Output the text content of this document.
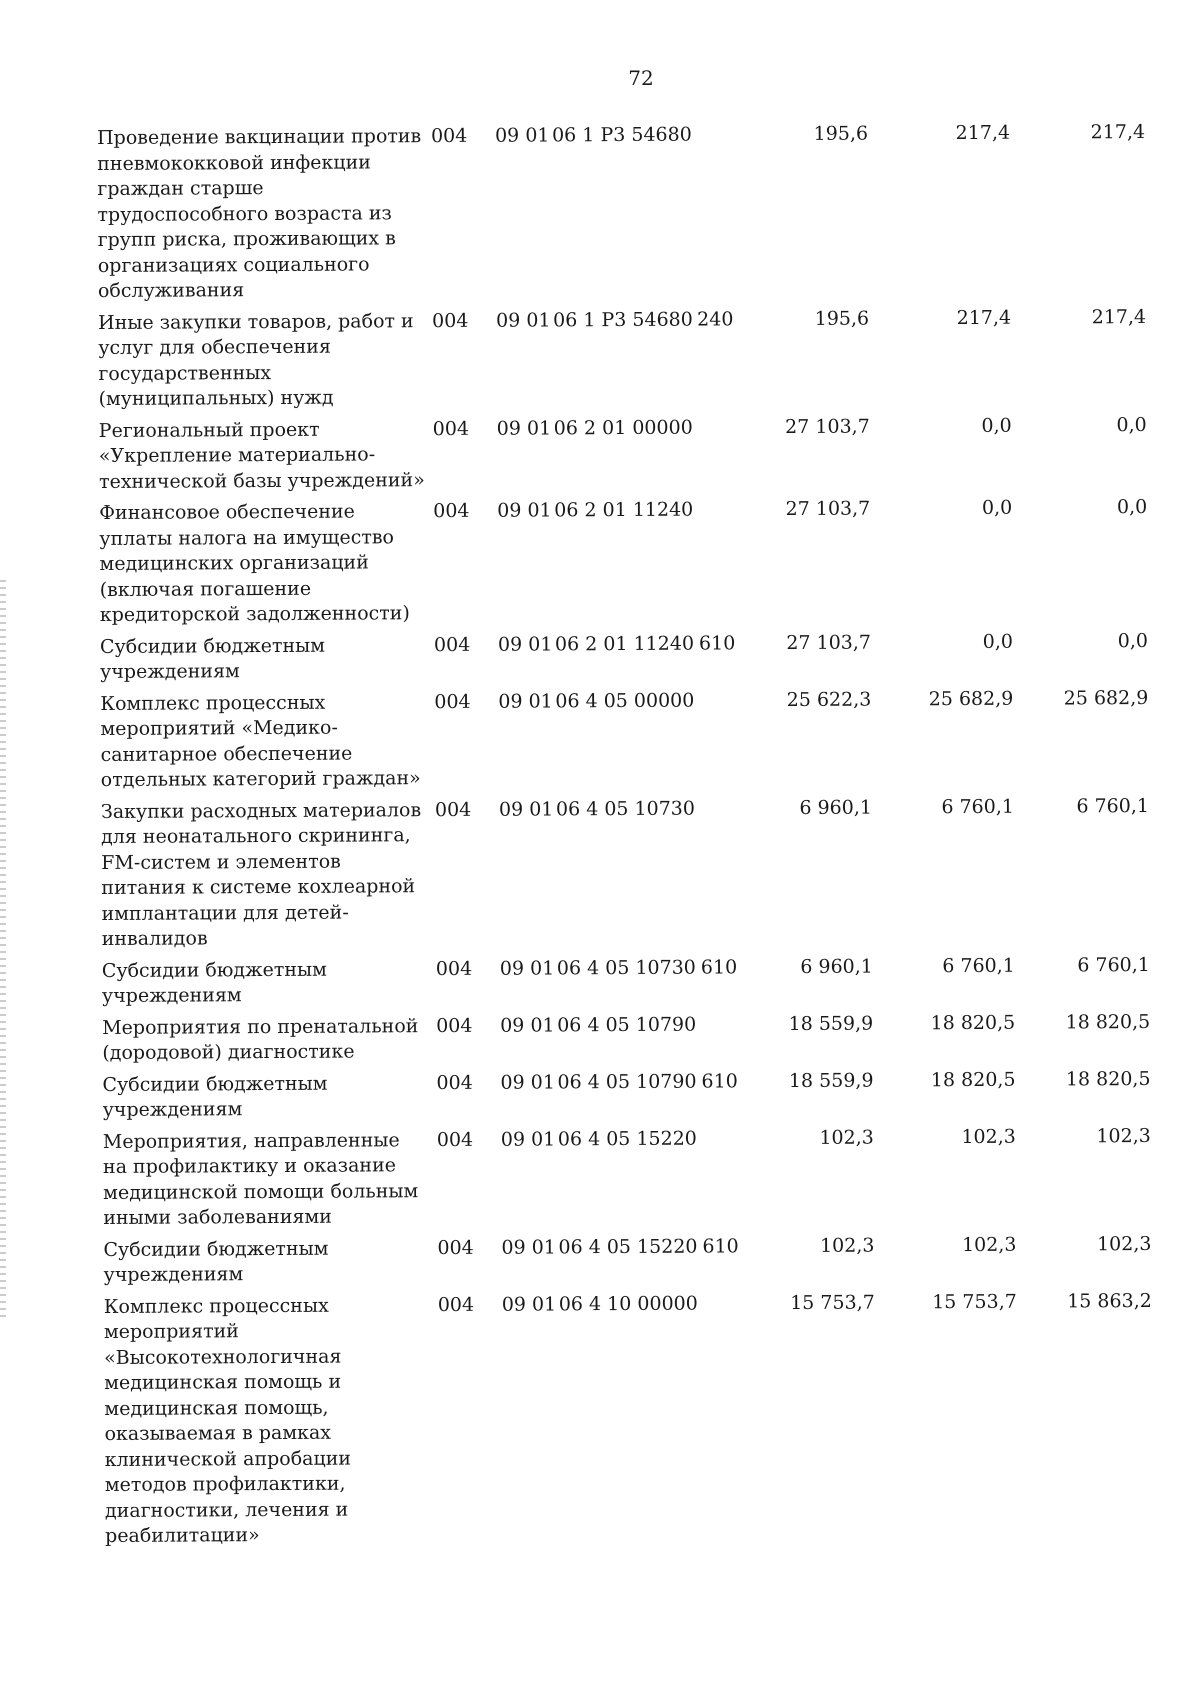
72
Проведение вакцинации против пневмококковой инфекции граждан старше трудоспособного возраста из групп риска, проживающих в организациях социального обслуживания
004	09 01 06 1 Р3 54680	195,6	217,4	217,4
Иные закупки товаров, работ и услуг для обеспечения государственных (муниципальных) нужд
004	09 01 06 1 Р3 54680 240	195,6	217,4	217,4
Региональный проект «Укрепление материально-технической базы учреждений»
004	09 01 06 2 01 00000	27 103,7	0,0	0,0
Финансовое обеспечение уплаты налога на имущество медицинских организаций (включая погашение кредиторской задолженности)
004	09 01 06 2 01 11240	27 103,7	0,0	0,0
Субсидии бюджетным учреждениям
004	09 01 06 2 01 11240 610	27 103,7	0,0	0,0
Комплекс процессных мероприятий «Медико-санитарное обеспечение отдельных категорий граждан»
004	09 01 06 4 05 00000	25 622,3	25 682,9	25 682,9
Закупки расходных материалов для неонатального скрининга, FM-систем и элементов питания к системе кохлеарной имплантации для детей-инвалидов
004	09 01 06 4 05 10730	6 960,1	6 760,1	6 760,1
Субсидии бюджетным учреждениям
004	09 01 06 4 05 10730 610	6 960,1	6 760,1	6 760,1
Мероприятия по пренатальной (дородовой) диагностике
004	09 01 06 4 05 10790	18 559,9	18 820,5	18 820,5
Субсидии бюджетным учреждениям
004	09 01 06 4 05 10790 610	18 559,9	18 820,5	18 820,5
Мероприятия, направленные на профилактику и оказание медицинской помощи больным иными заболеваниями
004	09 01 06 4 05 15220	102,3	102,3	102,3
Субсидии бюджетным учреждениям
004	09 01 06 4 05 15220 610	102,3	102,3	102,3
Комплекс процессных мероприятий «Высокотехнологичная медицинская помощь и медицинская помощь, оказываемая в рамках клинической апробации методов профилактики, диагностики, лечения и реабилитации»
004	09 01 06 4 10 00000	15 753,7	15 753,7	15 863,2
